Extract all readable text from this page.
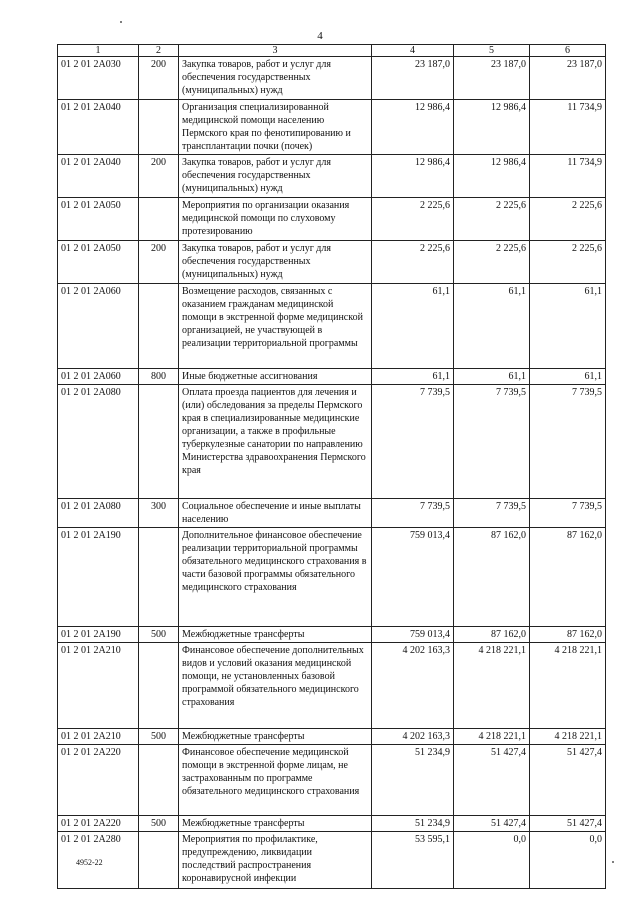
4
1	2	3	4	5	6
01 2 01 2А030	200	Закупка товаров, работ и услуг для обеспечения государственных (муниципальных) нужд	23 187,0	23 187,0	23 187,0
01 2 01 2А040		Организация специализированной медицинской помощи населению Пермского края по фенотипированию и трансплантации почки (почек)	12 986,4	12 986,4	11 734,9
01 2 01 2А040	200	Закупка товаров, работ и услуг для обеспечения государственных (муниципальных) нужд	12 986,4	12 986,4	11 734,9
01 2 01 2А050		Мероприятия по организации оказания медицинской помощи по слуховому протезированию	2 225,6	2 225,6	2 225,6
01 2 01 2А050	200	Закупка товаров, работ и услуг для обеспечения государственных (муниципальных) нужд	2 225,6	2 225,6	2 225,6
01 2 01 2А060		Возмещение расходов, связанных с оказанием гражданам медицинской помощи в экстренной форме медицинской организацией, не участвующей в реализации территориальной программы	61,1	61,1	61,1
01 2 01 2А060	800	Иные бюджетные ассигнования	61,1	61,1	61,1
01 2 01 2А080		Оплата проезда пациентов для лечения и (или) обследования за пределы Пермского края в специализированные медицинские организации, а также в профильные туберкулезные санатории по направлению Министерства здравоохранения Пермского края	7 739,5	7 739,5	7 739,5
01 2 01 2А080	300	Социальное обеспечение и иные выплаты населению	7 739,5	7 739,5	7 739,5
01 2 01 2А190		Дополнительное финансовое обеспечение реализации территориальной программы обязательного медицинского страхования в части базовой программы обязательного медицинского страхования	759 013,4	87 162,0	87 162,0
01 2 01 2А190	500	Межбюджетные трансферты	759 013,4	87 162,0	87 162,0
01 2 01 2А210		Финансовое обеспечение дополнительных видов и условий оказания медицинской помощи, не установленных базовой программой обязательного медицинского страхования	4 202 163,3	4 218 221,1	4 218 221,1
01 2 01 2А210	500	Межбюджетные трансферты	4 202 163,3	4 218 221,1	4 218 221,1
01 2 01 2А220		Финансовое обеспечение медицинской помощи в экстренной форме лицам, не застрахованным по программе обязательного медицинского страхования	51 234,9	51 427,4	51 427,4
01 2 01 2А220	500	Межбюджетные трансферты	51 234,9	51 427,4	51 427,4
01 2 01 2А280		Мероприятия по профилактике, предупреждению, ликвидации последствий распространения коронавирусной инфекции	53 595,1	0,0	0,0
4952-22
